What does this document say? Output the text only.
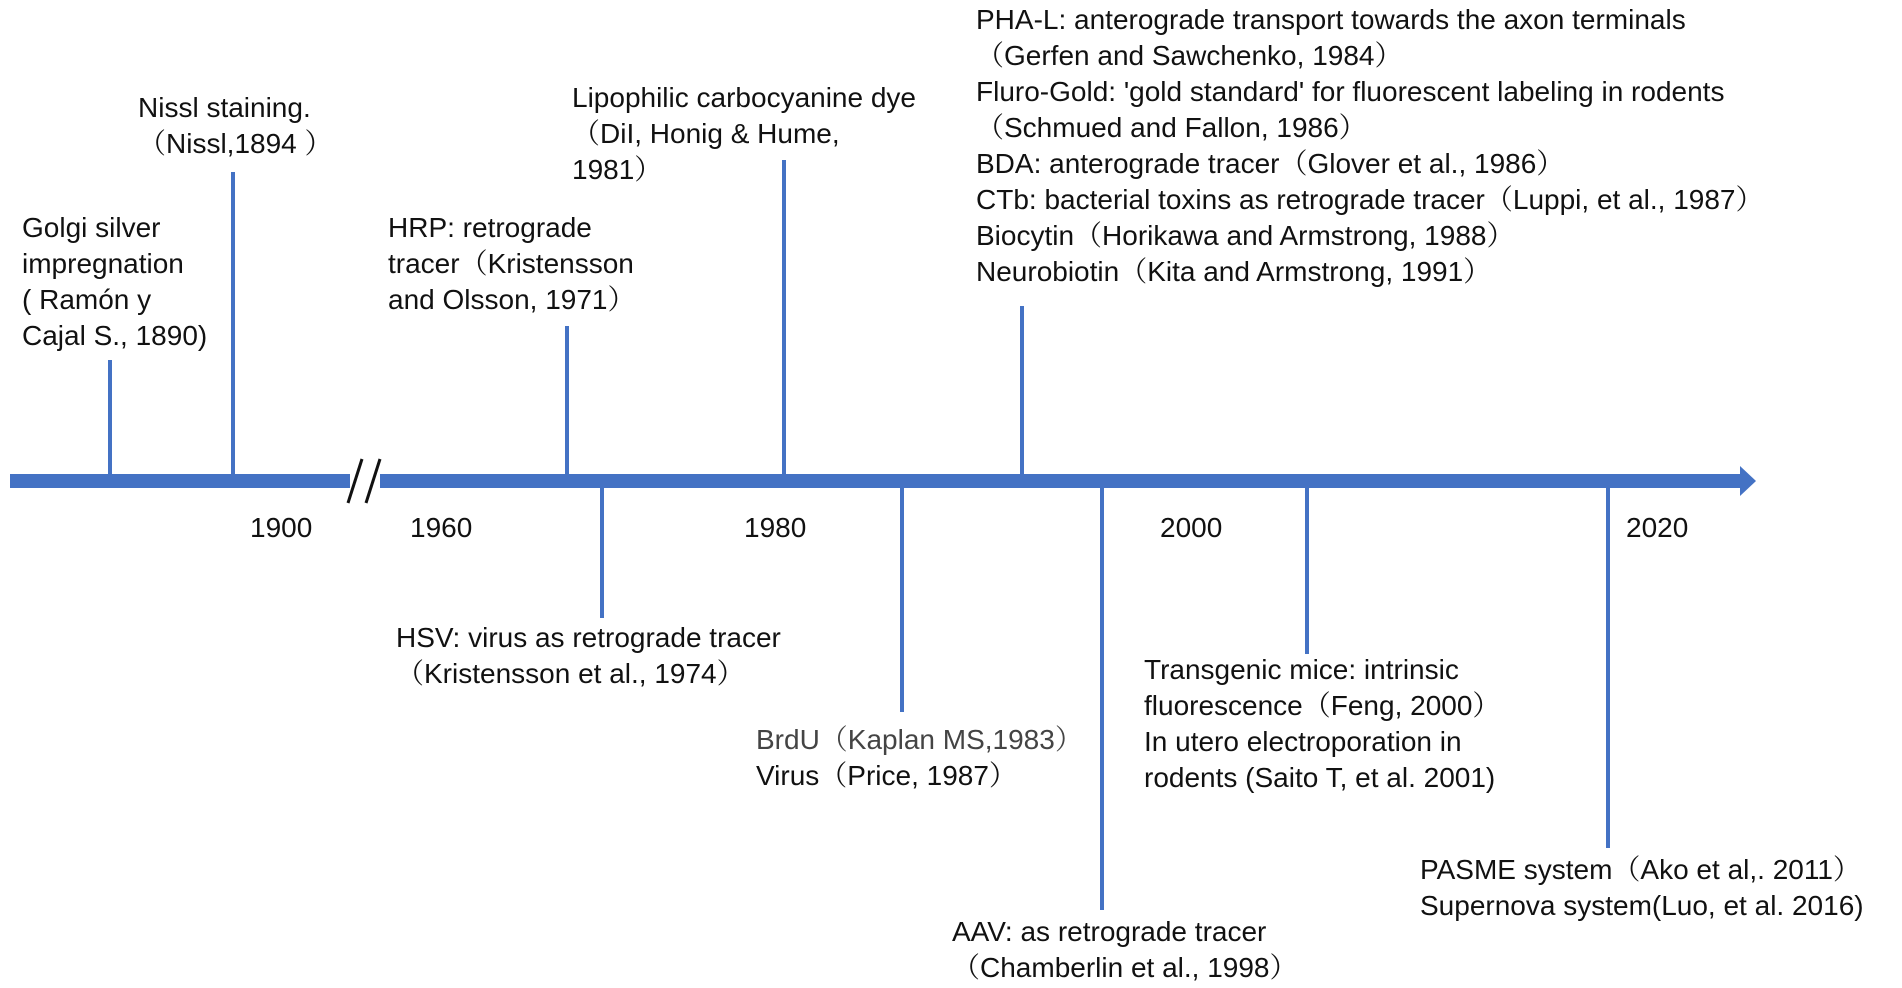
1900	1960	1980	2000	2020
Golgi silver
impregnation
( Ramón y
Cajal S., 1890)
Nissl staining.
（Nissl,1894 ）
HRP: retrograde
tracer（Kristensson
and Olsson, 1971）
Lipophilic carbocyanine dye
（DiI, Honig & Hume,
1981）
PHA-L: anterograde transport towards the axon terminals
（Gerfen and Sawchenko, 1984）
Fluro-Gold: 'gold standard' for fluorescent labeling in rodents
（Schmued and Fallon, 1986）
BDA: anterograde tracer（Glover et al., 1986）
CTb: bacterial toxins as retrograde tracer（Luppi, et al., 1987）
Biocytin（Horikawa and Armstrong, 1988）
Neurobiotin（Kita and Armstrong, 1991）
HSV: virus as retrograde tracer
（Kristensson et al., 1974）
BrdU（Kaplan MS,1983）
Virus（Price, 1987）
AAV: as retrograde tracer
（Chamberlin et al., 1998）
Transgenic mice: intrinsic
fluorescence（Feng, 2000）
In utero electroporation in
rodents (Saito T, et al. 2001)
PASME system（Ako et al,. 2011）
Supernova system(Luo, et al. 2016)
